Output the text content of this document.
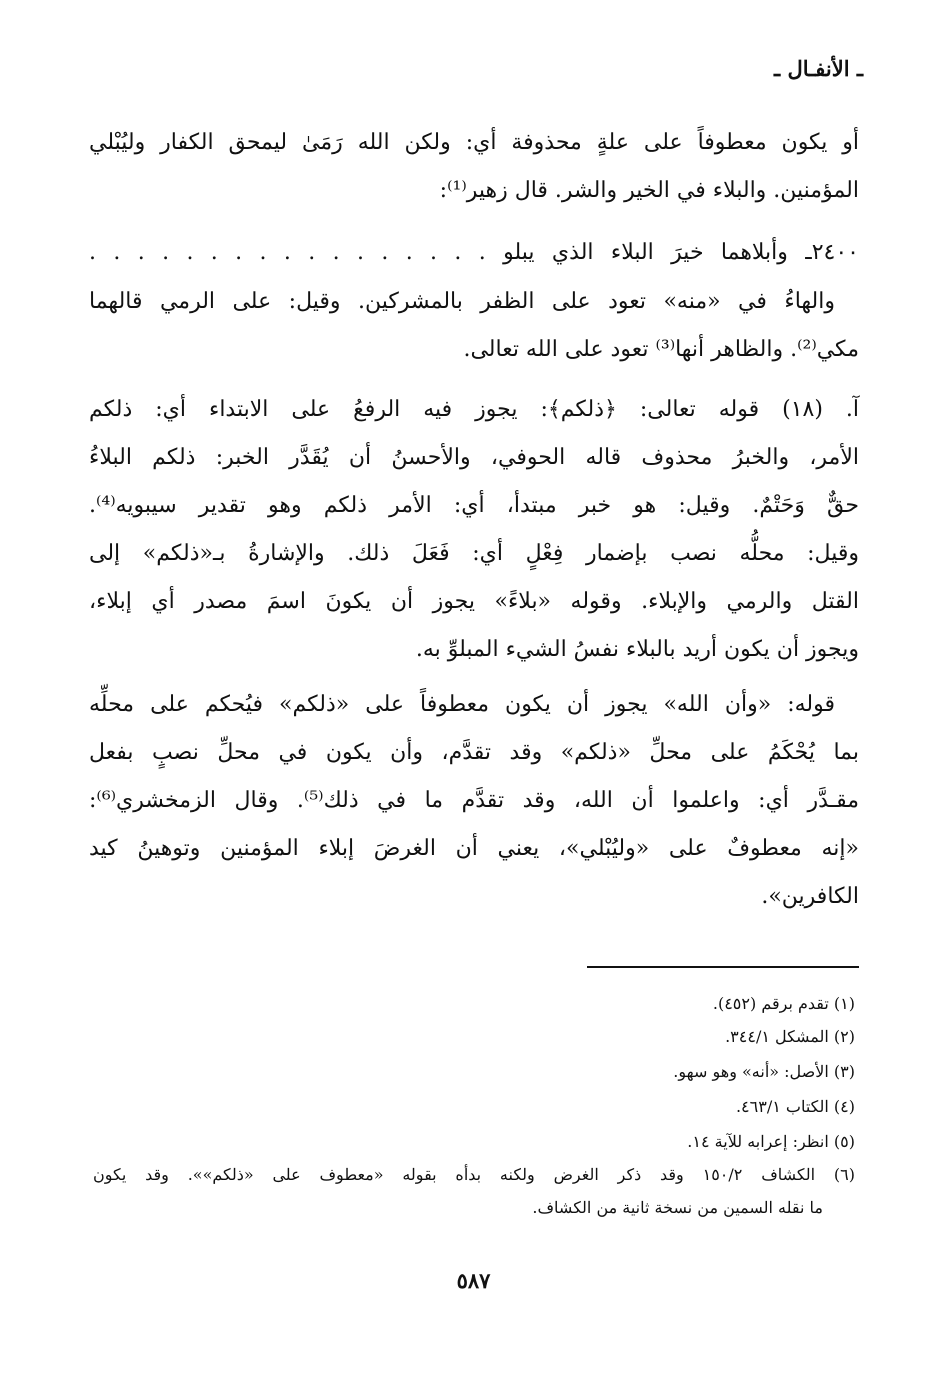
ـ الأنفـال ـ
أو يكون معطوفاً على علةٍ محذوفة أي: ولكن الله رَمَىٰ ليمحق الكفار وليُبْلي
المؤمنين. والبلاء في الخير والشر. قال زهير⁽¹⁾:
٢٤٠٠ـ وأبلاهما خيرَ البلاء الذي يبلو . . . . . . . . . . . . . . . . .
والهاءُ في «منه» تعود على الظفر بالمشركين. وقيل: على الرمي قالهما
مكي⁽²⁾. والظاهر أنها⁽³⁾ تعود على الله تعالى.
آ. (١٨) قوله تعالى: ﴿ذلكم﴾: يجوز فيه الرفعُ على الابتداء أي: ذلكم
الأمر، والخبرُ محذوف قاله الحوفي، والأحسنُ أن يُقَدَّر الخبر: ذلكم البلاءُ
حقٌّ وَحَتْمٌ. وقيل: هو خبر مبتدأ، أي: الأمر ذلكم وهو تقدير سيبويه⁽⁴⁾.
وقيل: محلُّه نصب بإضمار فِعْلٍ أي: فَعَلَ ذلك. والإشارةُ بـ«ذلكم» إلى
القتل والرمي والإبلاء. وقوله «بلاءً» يجوز أن يكونَ اسمَ مصدر أي إبلاء،
ويجوز أن يكون أريد بالبلاء نفسُ الشيء المبلوِّ به.
قوله: «وأن الله» يجوز أن يكون معطوفاً على «ذلكم» فيُحكم على محلِّه
بما يُحْكَمُ على محلِّ «ذلكم» وقد تقدَّم، وأن يكون في محلِّ نصبٍ بفعل
مقـدَّر أي: واعلموا أن الله، وقد تقدَّم ما في ذلك⁽⁵⁾. وقال الزمخشري⁽⁶⁾:
«إنه معطوفٌ على «وليُبْلي»، يعني أن الغرضَ إبلاء المؤمنين وتوهينُ كيد
الكافرين».
(١) تقدم برقم (٤٥٢).
(٢) المشكل ٣٤٤/١.
(٣) الأصل: «أنه» وهو سهو.
(٤) الكتاب ٤٦٣/١.
(٥) انظر: إعرابه للآية ١٤.
(٦) الكشاف ١٥٠/٢ وقد ذكر الغرض ولكنه بدأه بقوله «معطوف على «ذلكم»». وقد يكون
ما نقله السمين من نسخة ثانية من الكشاف.
٥٨٧
